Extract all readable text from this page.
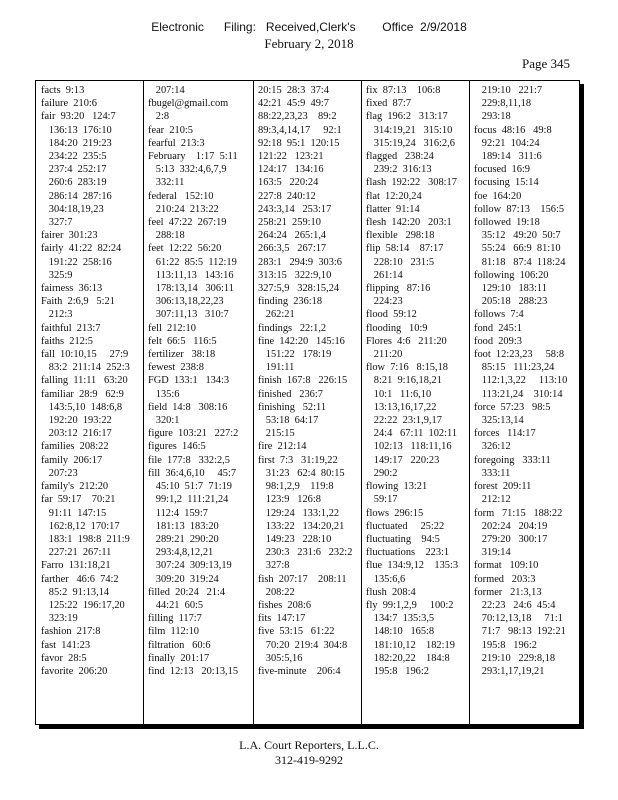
Electronic      Filing:   Received,Clerk's        Office  2/9/2018
February 2, 2018
Page 345
facts  9:13
failure  210:6
fair  93:20   124:7
136:13  176:10
184:20  219:23
234:22  235:5
237:4  252:17
260:6  283:19
286:14  287:16
304:18,19,23
327:7
fairer  301:23
fairly  41:22  82:24
191:22  258:16
325:9
fairness  36:13
Faith  2:6,9   5:21
212:3
faithful  213:7
faiths  212:5
fall  10:10,15     27:9
83:2  211:14  252:3
falling  11:11   63:20
familiar  28:9   62:9
143:5,10  148:6,8
192:20  193:22
203:12  216:17
families  208:22
family  206:17
207:23
family's  212:20
far  59:17    70:21
91:11  147:15
162:8,12  170:17
183:1  198:8  211:9
227:21  267:11
Farro  131:18,21
farther   46:6  74:2
85:2  91:13,14
125:22  196:17,20
323:19
fashion  217:8
fast  141:23
favor  28:5
favorite  206:20
207:14
fbugel@gmail.com
2:8
fear  210:5
fearful  213:3
February    1:17  5:11
5:13  332:4,6,7,9
332:11
federal   152:10
210:24  213:22
feel  47:22  267:19
288:18
feet  12:22  56:20
61:22  85:5  112:19
113:11,13   143:16
178:13,14   306:11
306:13,18,22,23
307:11,13   310:7
fell  212:10
felt  66:5   116:5
fertilizer   38:18
fewest  238:8
FGD  133:1   134:3
135:6
field  14:8   308:16
320:1
figure  103:21   227:2
figures  146:5
file  177:8   332:2,5
fill  36:4,6,10     45:7
45:10  51:7  71:19
99:1,2  111:21,24
112:4  159:7
181:13  183:20
289:21  290:20
293:4,8,12,21
307:24  309:13,19
309:20  319:24
filled  20:24   21:4
44:21  60:5
filling  117:7
film  112:10
filtration   60:6
finally  201:17
find  12:13   20:13,15
20:15  28:3  37:4
42:21  45:9  49:7
88:22,23,23    89:2
89:3,4,14,17     92:1
92:18  95:1  120:15
121:22   123:21
124:17   134:16
163:5   220:24
227:8  240:12
243:3,14   253:17
258:21  259:10
264:24   265:1,4
266:3,5   267:17
283:1   294:9  303:6
313:15   322:9,10
327:5,9   328:15,24
finding  236:18
262:21
findings   22:1,2
fine  142:20   145:16
151:22   178:19
191:11
finish  167:8   226:15
finished   236:7
finishing   52:11
53:18  64:17
215:15
fire  212:14
first  7:3   31:19,22
31:23   62:4  80:15
98:1,2,9    119:8
123:9   126:8
129:24   133:1,22
133:22   134:20,21
149:23   228:10
230:3   231:6   232:2
327:8
fish  207:17    208:11
208:22
fishes  208:6
fits  147:17
five  53:15   61:22
70:20  219:4  304:8
305:5,16
five-minute    206:4
fix  87:13    106:8
fixed  87:7
flag  196:2   313:17
314:19,21   315:10
315:19,24   316:2,6
flagged   238:24
239:2  316:13
flash  192:22   308:17
flat  12:20,24
flatter  91:14
flesh  142:20   203:1
flexible   298:18
flip  58:14    87:17
228:10   231:5
261:14
flipping   87:16
224:23
flood  59:12
flooding   10:9
Flores  4:6   211:20
211:20
flow  7:16   8:15,18
8:21  9:16,18,21
10:1   11:6,10
13:13,16,17,22
22:22  23:1,9,17
24:4   67:11  102:11
102:13   118:11,16
149:17   220:23
290:2
flowing  13:21
59:17
flows  296:15
fluctuated     25:22
fluctuating    94:5
fluctuations    223:1
flue  134:9,12    135:3
135:6,6
flush  208:4
fly  99:1,2,9     100:2
134:7  135:3,5
148:10   165:8
181:10,12    182:19
182:20,22    184:8
195:8   196:2
219:10   221:7
229:8,11,18
293:18
focus  48:16   49:8
92:21  104:24
189:14   311:6
focused  16:9
focusing  15:14
foe  164:20
follow  87:13    156:5
followed  19:18
35:12   49:20  50:7
55:24   66:9  81:10
81:18   87:4  118:24
following  106:20
129:10   183:11
205:18   288:23
follows  7:4
fond  245:1
food  209:3
foot  12:23,23     58:8
85:15   111:23,24
112:1,3,22     113:10
113:21,24    310:14
force  57:23   98:5
325:13,14
forces   114:17
326:12
foregoing   333:11
333:11
forest  209:11
212:12
form   71:15   188:22
202:24   204:19
279:20   300:17
319:14
format   109:10
formed   203:3
former   21:3,13
22:23   24:6  45:4
70:12,13,18     71:1
71:7   98:13  192:21
195:8   196:2
219:10   229:8,18
293:1,17,19,21
L.A. Court Reporters, L.L.C.
312-419-9292
